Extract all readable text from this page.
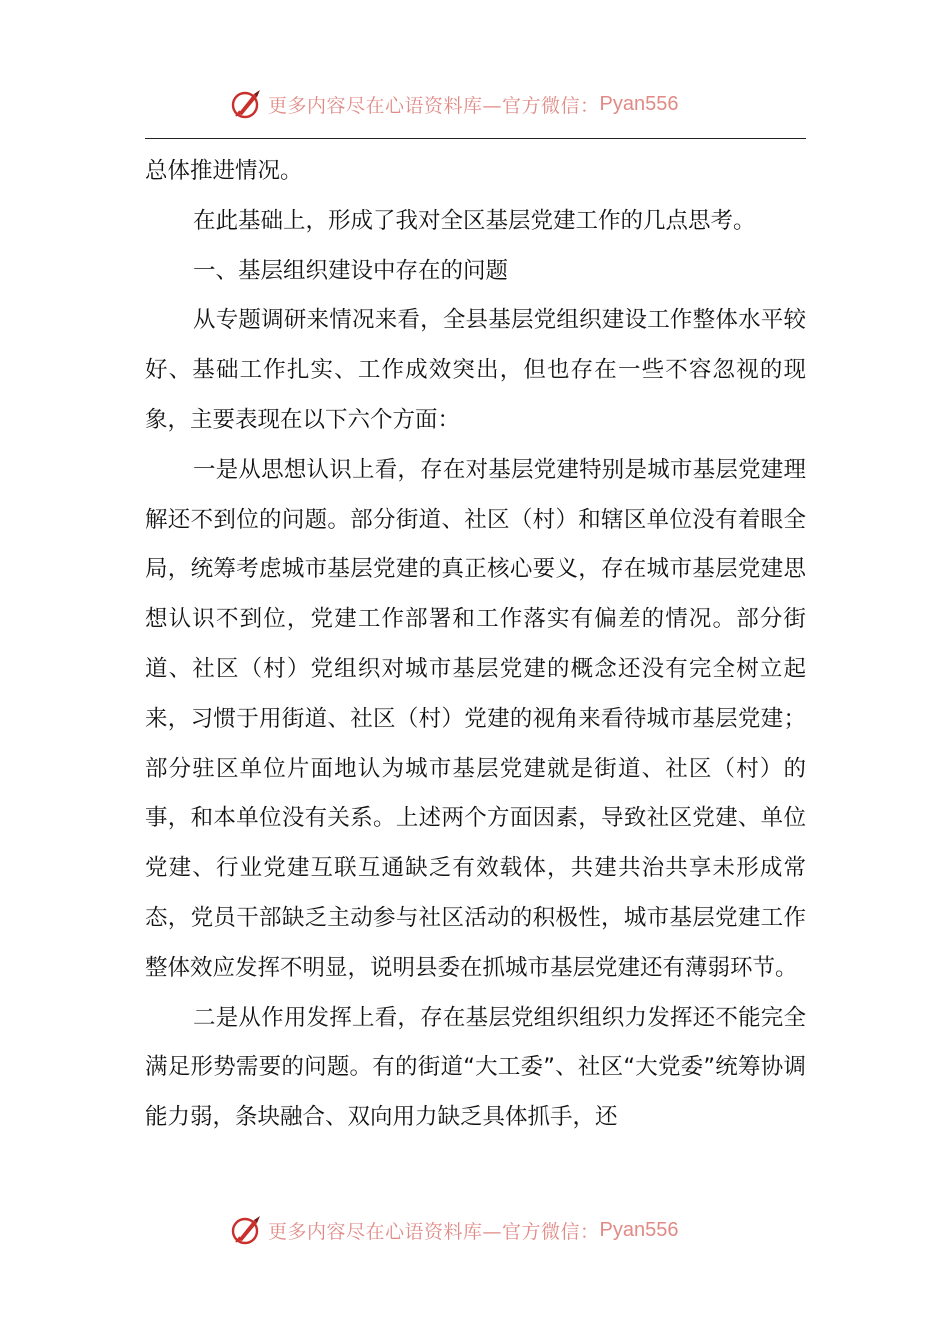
更多内容尽在心语资料库—官方微信： Pyan556

总体推进情况。

在此基础上，形成了我对全区基层党建工作的几点思考。

一、基层组织建设中存在的问题

从专题调研来情况来看，全县基层党组织建设工作整体水平较好、基础工作扎实、工作成效突出，但也存在一些不容忽视的现象，主要表现在以下六个方面：

一是从思想认识上看，存在对基层党建特别是城市基层党建理解还不到位的问题。部分街道、社区（村）和辖区单位没有着眼全局，统筹考虑城市基层党建的真正核心要义，存在城市基层党建思想认识不到位，党建工作部署和工作落实有偏差的情况。部分街道、社区（村）党组织对城市基层党建的概念还没有完全树立起来，习惯于用街道、社区（村）党建的视角来看待城市基层党建；部分驻区单位片面地认为城市基层党建就是街道、社区（村）的事，和本单位没有关系。上述两个方面因素，导致社区党建、单位党建、行业党建互联互通缺乏有效载体，共建共治共享未形成常态，党员干部缺乏主动参与社区活动的积极性，城市基层党建工作整体效应发挥不明显，说明县委在抓城市基层党建还有薄弱环节。

二是从作用发挥上看，存在基层党组织组织力发挥还不能完全满足形势需要的问题。有的街道“大工委”、社区“大党委”统筹协调能力弱，条块融合、双向用力缺乏具体抓手，还

更多内容尽在心语资料库—官方微信： Pyan556
